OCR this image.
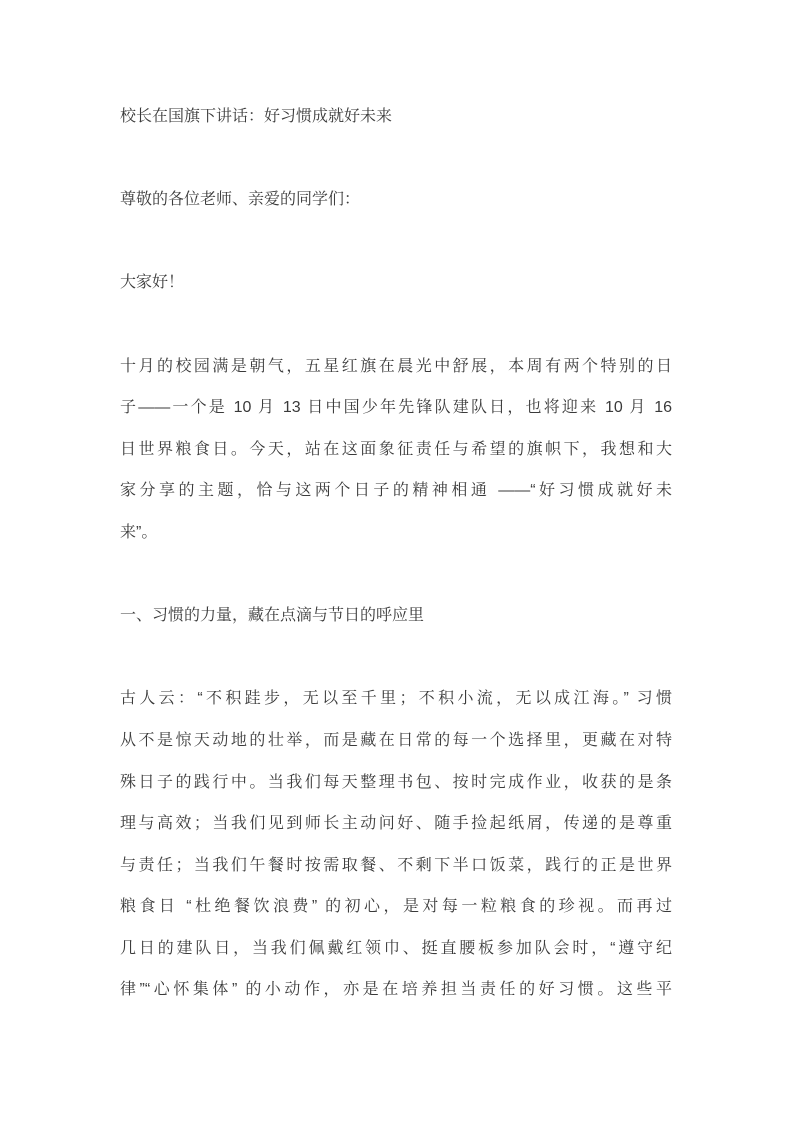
校长在国旗下讲话：好习惯成就好未来
尊敬的各位老师、亲爱的同学们：
大家好！
十月的校园满是朝气，五星红旗在晨光中舒展，本周有两个特别的日
子——一个是 10 月 13 日中国少年先锋队建队日，也将迎来 10 月 16
日世界粮食日。今天，站在这面象征责任与希望的旗帜下，我想和大
家分享的主题，恰与这两个日子的精神相通 ——“好习惯成就好未
来”。
一、习惯的力量，藏在点滴与节日的呼应里
古人云：“不积跬步，无以至千里；不积小流，无以成江海。” 习惯
从不是惊天动地的壮举，而是藏在日常的每一个选择里，更藏在对特
殊日子的践行中。当我们每天整理书包、按时完成作业，收获的是条
理与高效；当我们见到师长主动问好、随手捡起纸屑，传递的是尊重
与责任；当我们午餐时按需取餐、不剩下半口饭菜，践行的正是世界
粮食日 “杜绝餐饮浪费” 的初心，是对每一粒粮食的珍视。而再过
几日的建队日，当我们佩戴红领巾、挺直腰板参加队会时，“遵守纪
律”“心怀集体” 的小动作，亦是在培养担当责任的好习惯。这些平
